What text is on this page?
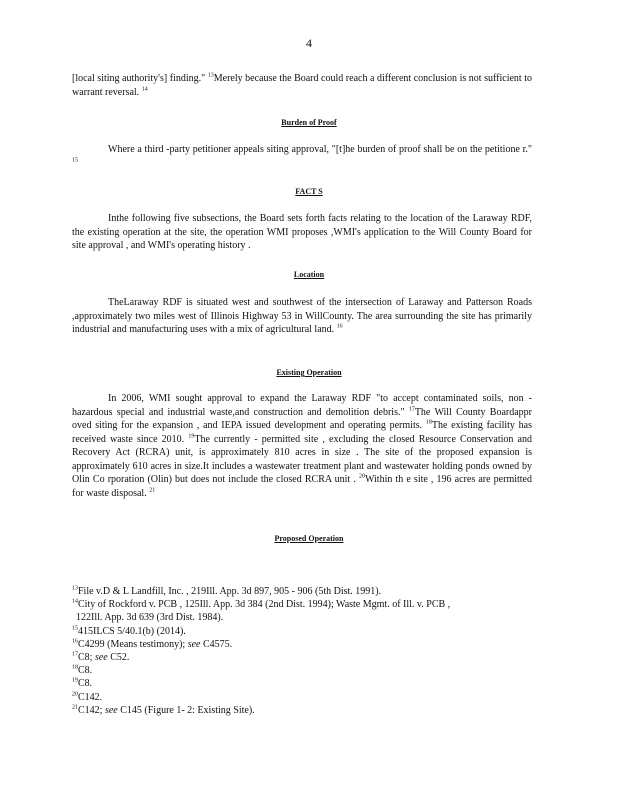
4

[local siting authority's] finding." $^{13}$Merely because the Board could reach a different conclusion is not sufficient to warrant reversal. $^{14}$

Burden of Proof

Where a third -party petitioner appeals siting approval, "[t]he burden of proof shall be on the petitione r." $^{15}$

FACT S

Inthe following five subsections, the Board sets forth facts relating to the location of the Laraway RDF, the existing operation at the site, the operation WMI proposes ,WMI's application to the Will County Board for site approval , and WMI's operating history .

Location

TheLaraway RDF is situated west and southwest of the intersection of Laraway and Patterson Roads ,approximately two miles west of Illinois Highway 53 in WillCounty. The area surrounding the site has primarily industrial and manufacturing uses with a mix of agricultural land. $^{16}$

Existing Operation

In 2006, WMI sought approval to expand the Laraway RDF "to accept contaminated soils, non -hazardous special and industrial waste,and construction and demolition debris." $^{17}$The Will County Boardappr oved siting for the expansion , and IEPA issued development and operating permits. $^{18}$The existing facility has received waste since 2010. $^{19}$The currently - permitted site , excluding the closed Resource Conservation and Recovery Act (RCRA) unit, is approximately 810 acres in size . The site of the proposed expansion is approximately 610 acres in size.It includes a wastewater treatment plant and wastewater holding ponds owned by Olin Co rporation (Olin) but does not include the closed RCRA unit . $^{20}$Within th e site , 196 acres are permitted for waste disposal. $^{21}$

Proposed Operation

$^{13}$File v.D & L Landfill, Inc. , 219Ill. App. 3d 897, 905 - 906 (5th Dist. 1991).

$^{14}$City of Rockford v. PCB , 125Ill. App. 3d 384 (2nd Dist. 1994); Waste Mgmt. of Ill. v. PCB ,

122Ill. App. 3d 639 (3rd Dist. 1984).

$^{15}$415ILCS 5/40.1(b) (2014).

$^{16}$C4299 (Means testimony); see C4575.

$^{17}$C8; see C52.

$^{18}$C8.

$^{19}$C8.

$^{20}$C142.

$^{21}$C142; see C145 (Figure 1- 2: Existing Site).
